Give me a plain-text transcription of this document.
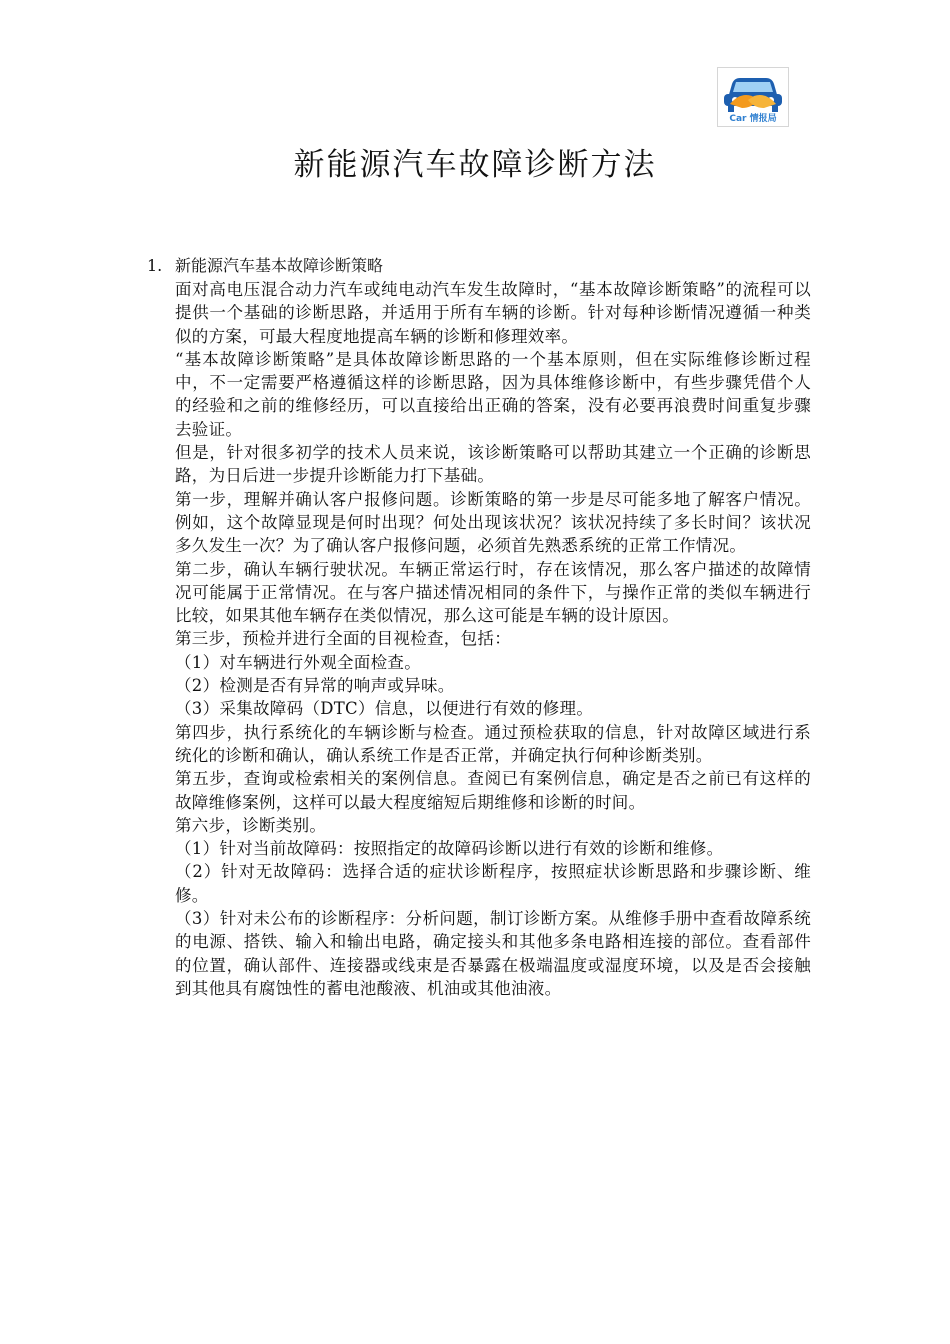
Car 情报局
新能源汽车故障诊断方法
1. 新能源汽车基本故障诊断策略

面对高电压混合动力汽车或纯电动汽车发生故障时，“基本故障诊断策略”的流程可以提供一个基础的诊断思路，并适用于所有车辆的诊断。针对每种诊断情况遵循一种类似的方案，可最大程度地提高车辆的诊断和修理效率。

“基本故障诊断策略”是具体故障诊断思路的一个基本原则，但在实际维修诊断过程中，不一定需要严格遵循这样的诊断思路，因为具体维修诊断中，有些步骤凭借个人的经验和之前的维修经历，可以直接给出正确的答案，没有必要再浪费时间重复步骤去验证。

但是，针对很多初学的技术人员来说，该诊断策略可以帮助其建立一个正确的诊断思路，为日后进一步提升诊断能力打下基础。

第一步，理解并确认客户报修问题。诊断策略的第一步是尽可能多地了解客户情况。例如，这个故障显现是何时出现？何处出现该状况？该状况持续了多长时间？该状况多久发生一次？为了确认客户报修问题，必须首先熟悉系统的正常工作情况。

第二步，确认车辆行驶状况。车辆正常运行时，存在该情况，那么客户描述的故障情况可能属于正常情况。在与客户描述情况相同的条件下，与操作正常的类似车辆进行比较，如果其他车辆存在类似情况，那么这可能是车辆的设计原因。

第三步，预检并进行全面的目视检查，包括：

（1）对车辆进行外观全面检查。

（2）检测是否有异常的响声或异味。

（3）采集故障码（DTC）信息，以便进行有效的修理。

第四步，执行系统化的车辆诊断与检查。通过预检获取的信息，针对故障区域进行系统化的诊断和确认，确认系统工作是否正常，并确定执行何种诊断类别。

第五步，查询或检索相关的案例信息。查阅已有案例信息，确定是否之前已有这样的故障维修案例，这样可以最大程度缩短后期维修和诊断的时间。

第六步，诊断类别。

（1）针对当前故障码：按照指定的故障码诊断以进行有效的诊断和维修。

（2）针对无故障码：选择合适的症状诊断程序，按照症状诊断思路和步骤诊断、维修。

（3）针对未公布的诊断程序：分析问题，制订诊断方案。从维修手册中查看故障系统的电源、搭铁、输入和输出电路，确定接头和其他多条电路相连接的部位。查看部件的位置，确认部件、连接器或线束是否暴露在极端温度或湿度环境，以及是否会接触到其他具有腐蚀性的蓄电池酸液、机油或其他油液。
